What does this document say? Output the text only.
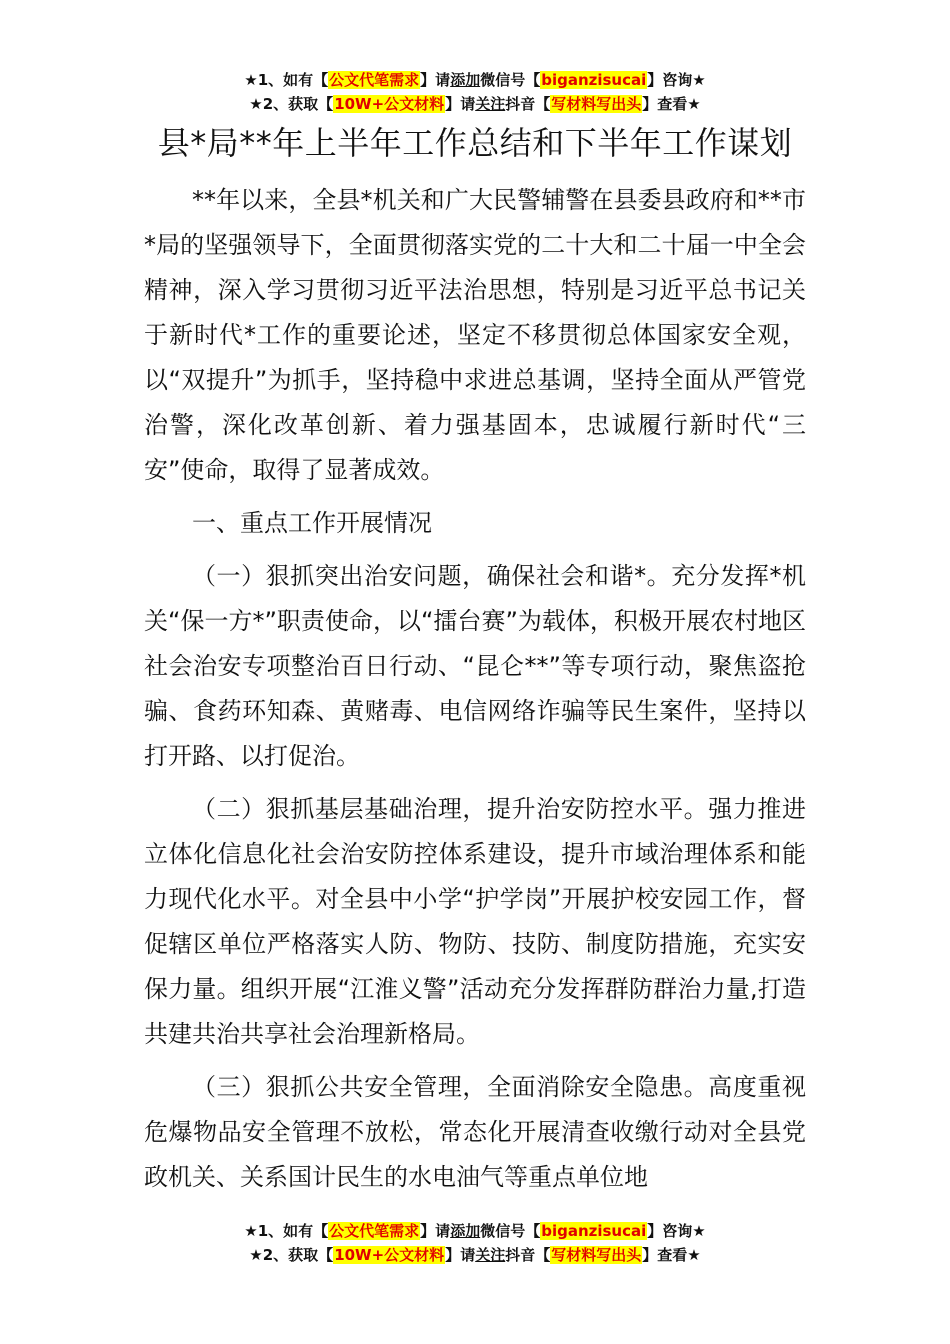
★1、如有【公文代笔需求】请添加微信号【biganzisucai】咨询★
★2、获取【10W+公文材料】请关注抖音【写材料写出头】查看★
县*局**年上半年工作总结和下半年工作谋划

**年以来，全县*机关和广大民警辅警在县委县政府和**市*局的坚强领导下，全面贯彻落实党的二十大和二十届一中全会精神，深入学习贯彻习近平法治思想，特别是习近平总书记关于新时代*工作的重要论述，坚定不移贯彻总体国家安全观，以“双提升”为抓手，坚持稳中求进总基调，坚持全面从严管党治警，深化改革创新、着力强基固本，忠诚履行新时代“三安”使命，取得了显著成效。

一、重点工作开展情况

（一）狠抓突出治安问题，确保社会和谐*。充分发挥*机关“保一方*”职责使命，以“擂台赛”为载体，积极开展农村地区社会治安专项整治百日行动、“昆仑**”等专项行动，聚焦盗抢骗、食药环知森、黄赌毒、电信网络诈骗等民生案件，坚持以打开路、以打促治。

（二）狠抓基层基础治理，提升治安防控水平。强力推进立体化信息化社会治安防控体系建设，提升市域治理体系和能力现代化水平。对全县中小学“护学岗”开展护校安园工作，督促辖区单位严格落实人防、物防、技防、制度防措施，充实安保力量。组织开展“江淮义警”活动充分发挥群防群治力量,打造共建共治共享社会治理新格局。

（三）狠抓公共安全管理，全面消除安全隐患。高度重视危爆物品安全管理不放松，常态化开展清查收缴行动对全县党政机关、关系国计民生的水电油气等重点单位地

★1、如有【公文代笔需求】请添加微信号【biganzisucai】咨询★
★2、获取【10W+公文材料】请关注抖音【写材料写出头】查看★
